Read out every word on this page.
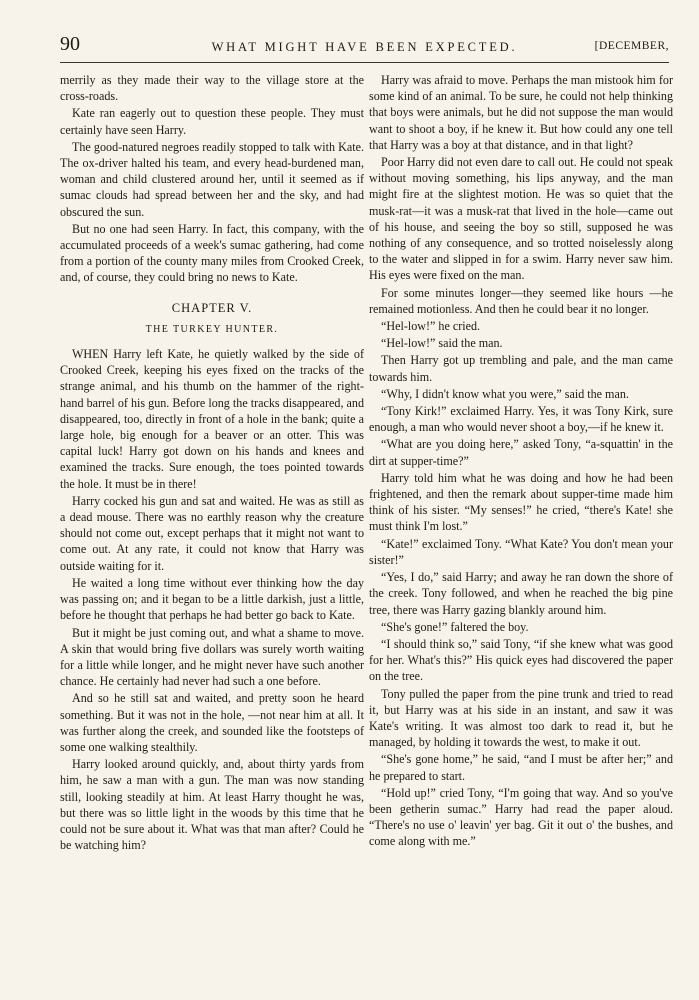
90	WHAT MIGHT HAVE BEEN EXPECTED.	[DECEMBER,

merrily as they made their way to the village store at the cross-roads.

Kate ran eagerly out to question these people. They must certainly have seen Harry.

The good-natured negroes readily stopped to talk with Kate. The ox-driver halted his team, and every head-burdened man, woman and child clustered around her, until it seemed as if sumac clouds had spread between her and the sky, and had obscured the sun.

But no one had seen Harry. In fact, this company, with the accumulated proceeds of a week's sumac gathering, had come from a portion of the county many miles from Crooked Creek, and, of course, they could bring no news to Kate.

CHAPTER V.
THE TURKEY HUNTER.

WHEN Harry left Kate, he quietly walked by the side of Crooked Creek, keeping his eyes fixed on the tracks of the strange animal, and his thumb on the hammer of the right-hand barrel of his gun. Before long the tracks disappeared, and disappeared, too, directly in front of a hole in the bank; quite a large hole, big enough for a beaver or an otter. This was capital luck! Harry got down on his hands and knees and examined the tracks. Sure enough, the toes pointed towards the hole. It must be in there!

Harry cocked his gun and sat and waited. He was as still as a dead mouse. There was no earthly reason why the creature should not come out, except perhaps that it might not want to come out. At any rate, it could not know that Harry was outside waiting for it.

He waited a long time without ever thinking how the day was passing on; and it began to be a little darkish, just a little, before he thought that perhaps he had better go back to Kate.

But it might be just coming out, and what a shame to move. A skin that would bring five dollars was surely worth waiting for a little while longer, and he might never have such another chance. He certainly had never had such a one before.

And so he still sat and waited, and pretty soon he heard something. But it was not in the hole, —not near him at all. It was further along the creek, and sounded like the footsteps of some one walking stealthily.

Harry looked around quickly, and, about thirty yards from him, he saw a man with a gun. The man was now standing still, looking steadily at him. At least Harry thought he was, but there was so little light in the woods by this time that he could not be sure about it. What was that man after? Could he be watching him?

Harry was afraid to move. Perhaps the man mistook him for some kind of an animal. To be sure, he could not help thinking that boys were animals, but he did not suppose the man would want to shoot a boy, if he knew it. But how could any one tell that Harry was a boy at that distance, and in that light?

Poor Harry did not even dare to call out. He could not speak without moving something, his lips anyway, and the man might fire at the slightest motion. He was so quiet that the musk-rat—it was a musk-rat that lived in the hole—came out of his house, and seeing the boy so still, supposed he was nothing of any consequence, and so trotted noiselessly along to the water and slipped in for a swim. Harry never saw him. His eyes were fixed on the man.

For some minutes longer—they seemed like hours —he remained motionless. And then he could bear it no longer.

“Hel-low!” he cried.

“Hel-low!” said the man.

Then Harry got up trembling and pale, and the man came towards him.

“Why, I didn't know what you were,” said the man.

“Tony Kirk!” exclaimed Harry. Yes, it was Tony Kirk, sure enough, a man who would never shoot a boy,—if he knew it.

“What are you doing here,” asked Tony, “a-squattin' in the dirt at supper-time?”

Harry told him what he was doing and how he had been frightened, and then the remark about supper-time made him think of his sister. “My senses!” he cried, “there's Kate! she must think I'm lost.”

“Kate!” exclaimed Tony. “What Kate? You don't mean your sister!”

“Yes, I do,” said Harry; and away he ran down the shore of the creek. Tony followed, and when he reached the big pine tree, there was Harry gazing blankly around him.

“She's gone!” faltered the boy.

“I should think so,” said Tony, “if she knew what was good for her. What's this?” His quick eyes had discovered the paper on the tree.

Tony pulled the paper from the pine trunk and tried to read it, but Harry was at his side in an instant, and saw it was Kate's writing. It was almost too dark to read it, but he managed, by holding it towards the west, to make it out.

“She's gone home,” he said, “and I must be after her;” and he prepared to start.

“Hold up!” cried Tony, “I'm going that way. And so you've been getherin sumac.” Harry had read the paper aloud. “There's no use o' leavin' yer bag. Git it out o' the bushes, and come along with me.”
